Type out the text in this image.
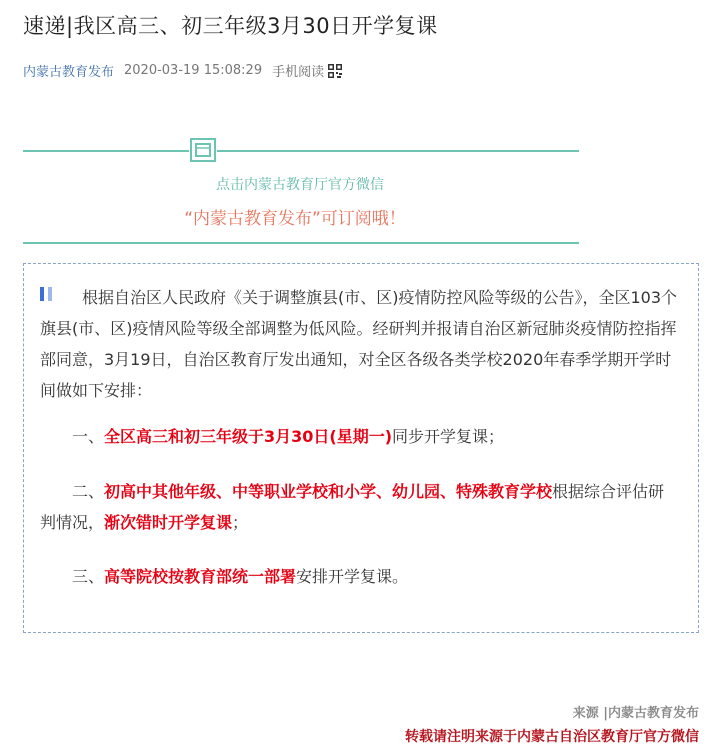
速递|我区高三、初三年级3月30日开学复课
内蒙古教育发布 2020-03-19 15:08:29 手机阅读
点击内蒙古教育厅官方微信
“内蒙古教育发布”可订阅哦！
根据自治区人民政府《关于调整旗县(市、区)疫情防控风险等级的公告》，全区103个旗县(市、区)疫情风险等级全部调整为低风险。经研判并报请自治区新冠肺炎疫情防控指挥部同意，3月19日，自治区教育厅发出通知，对全区各级各类学校2020年春季学期开学时间做如下安排：
一、全区高三和初三年级于3月30日(星期一)同步开学复课；
二、初高中其他年级、中等职业学校和小学、幼儿园、特殊教育学校根据综合评估研判情况，渐次错时开学复课；
三、高等院校按教育部统一部署安排开学复课。
来源 |内蒙古教育发布
转载请注明来源于内蒙古自治区教育厅官方微信
